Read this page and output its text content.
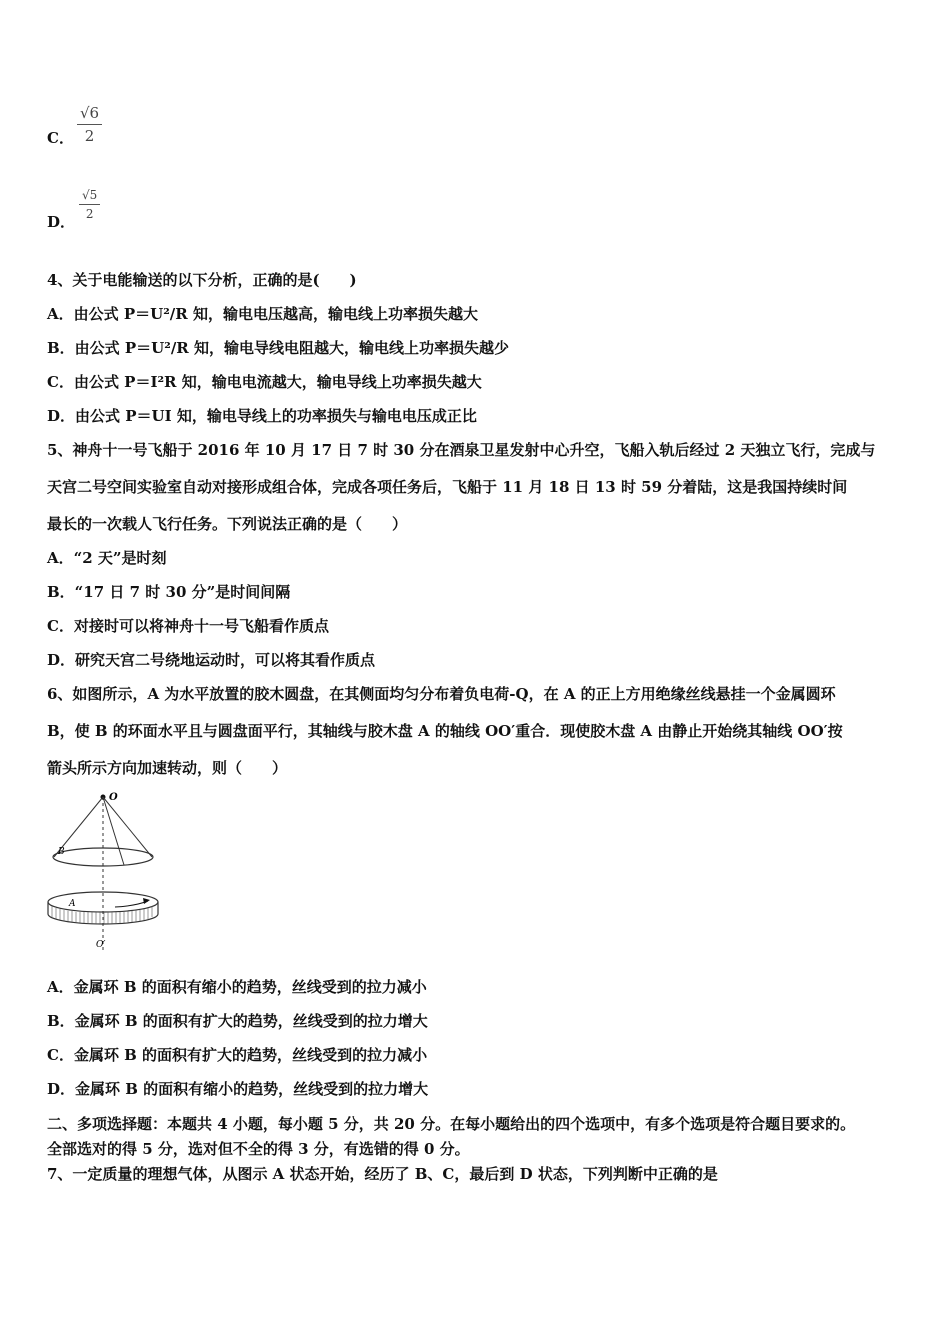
C．
√6
2
D．
√5
2
4、关于电能输送的以下分析，正确的是(　　)
A．由公式 P＝U²/R 知，输电电压越高，输电线上功率损失越大
B．由公式 P＝U²/R 知，输电导线电阻越大，输电线上功率损失越少
C．由公式 P＝I²R 知，输电电流越大，输电导线上功率损失越大
D．由公式 P＝UI 知，输电导线上的功率损失与输电电压成正比
5、神舟十一号飞船于 2016 年 10 月 17 日 7 时 30 分在酒泉卫星发射中心升空，飞船入轨后经过 2 天独立飞行，完成与
天宫二号空间实验室自动对接形成组合体，完成各项任务后，飞船于 11 月 18 日 13 时 59 分着陆，这是我国持续时间
最长的一次载人飞行任务。下列说法正确的是（　　）
A．“2 天”是时刻
B．“17 日 7 时 30 分”是时间间隔
C．对接时可以将神舟十一号飞船看作质点
D．研究天宫二号绕地运动时，可以将其看作质点
6、如图所示，A 为水平放置的胶木圆盘，在其侧面均匀分布着负电荷-Q，在 A 的正上方用绝缘丝线悬挂一个金属圆环
B，使 B 的环面水平且与圆盘面平行，其轴线与胶木盘 A 的轴线 OO′重合．现使胶木盘 A 由静止开始绕其轴线 OO′按
箭头所示方向加速转动，则（　　）
O
B
A
O′
A．金属环 B 的面积有缩小的趋势，丝线受到的拉力减小
B．金属环 B 的面积有扩大的趋势，丝线受到的拉力增大
C．金属环 B 的面积有扩大的趋势，丝线受到的拉力减小
D．金属环 B 的面积有缩小的趋势，丝线受到的拉力增大
二、多项选择题：本题共 4 小题，每小题 5 分，共 20 分。在每小题给出的四个选项中，有多个选项是符合题目要求的。
全部选对的得 5 分，选对但不全的得 3 分，有选错的得 0 分。
7、一定质量的理想气体，从图示 A 状态开始，经历了 B、C，最后到 D 状态，下列判断中正确的是
